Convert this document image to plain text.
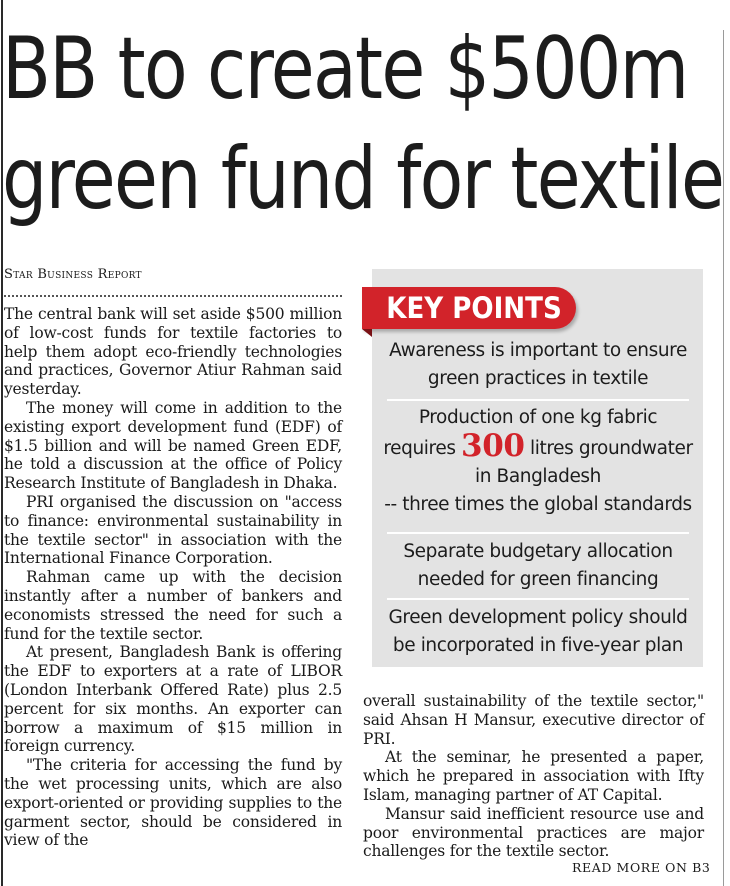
BB to create $500m
green fund for textile
Star Business Report

The central bank will set aside $500 million of low-cost funds for textile factories to help them adopt eco-friendly technologies and practices, Governor Atiur Rahman said yesterday.

The money will come in addition to the existing export development fund (EDF) of $1.5 billion and will be named Green EDF, he told a discussion at the office of Policy Research Institute of Bangladesh in Dhaka.

PRI organised the discussion on "access to finance: environmental sustainability in the textile sector" in association with the International Finance Corporation.

Rahman came up with the decision instantly after a number of bankers and economists stressed the need for such a fund for the textile sector.

At present, Bangladesh Bank is offering the EDF to exporters at a rate of LIBOR (London Interbank Offered Rate) plus 2.5 percent for six months. An exporter can borrow a maximum of $15 million in foreign currency.

"The criteria for accessing the fund by the wet processing units, which are also export-oriented or providing supplies to the garment sector, should be considered in view of the

KEY POINTS
Awareness is important to ensure green practices in textile
Production of one kg fabric requires 300 litres groundwater in Bangladesh
-- three times the global standards
Separate budgetary allocation needed for green financing
Green development policy should be incorporated in five-year plan

overall sustainability of the textile sector," said Ahsan H Mansur, executive director of PRI.

At the seminar, he presented a paper, which he prepared in association with Ifty Islam, managing partner of AT Capital.

Mansur said inefficient resource use and poor environmental practices are major challenges for the textile sector.

READ MORE ON B3
